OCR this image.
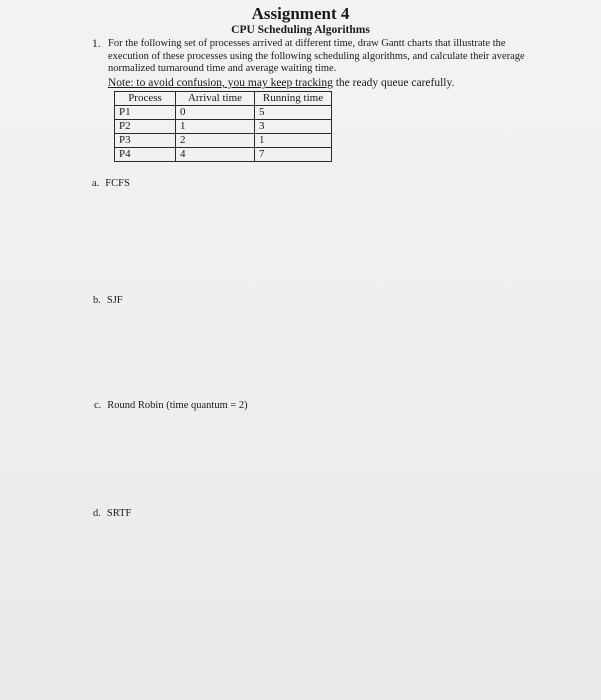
Assignment 4
CPU Scheduling Algorithms
1. For the following set of processes arrived at different time, draw Gantt charts that illustrate the execution of these processes using the following scheduling algorithms, and calculate their average normalized turnaround time and average waiting time.
Note: to avoid confusion, you may keep tracking the ready queue carefully.
Process	Arrival time	Running time
P1	0	5
P2	1	3
P3	2	1
P4	4	7
a. FCFS
b. SJF
c. Round Robin (time quantum = 2)
d. SRTF
